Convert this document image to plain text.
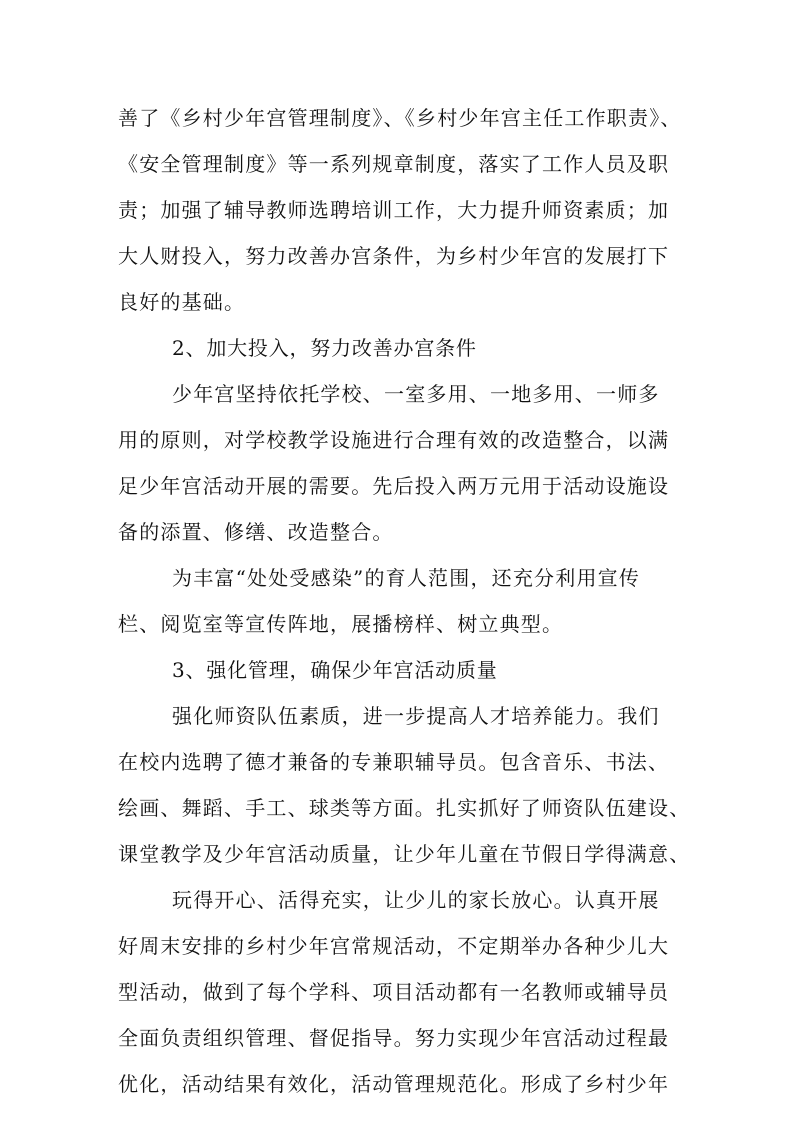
善了《乡村少年宫管理制度》、《乡村少年宫主任工作职责》、
《安全管理制度》等一系列规章制度，落实了工作人员及职
责；加强了辅导教师选聘培训工作，大力提升师资素质；加
大人财投入，努力改善办宫条件，为乡村少年宫的发展打下
良好的基础。
2、加大投入，努力改善办宫条件
少年宫坚持依托学校、一室多用、一地多用、一师多
用的原则，对学校教学设施进行合理有效的改造整合，以满
足少年宫活动开展的需要。先后投入两万元用于活动设施设
备的添置、修缮、改造整合。
为丰富“处处受感染”的育人范围，还充分利用宣传
栏、阅览室等宣传阵地，展播榜样、树立典型。
3、强化管理，确保少年宫活动质量
强化师资队伍素质，进一步提高人才培养能力。我们
在校内选聘了德才兼备的专兼职辅导员。包含音乐、书法、
绘画、舞蹈、手工、球类等方面。扎实抓好了师资队伍建设、
课堂教学及少年宫活动质量，让少年儿童在节假日学得满意、
玩得开心、活得充实，让少儿的家长放心。认真开展
好周末安排的乡村少年宫常规活动，不定期举办各种少儿大
型活动，做到了每个学科、项目活动都有一名教师或辅导员
全面负责组织管理、督促指导。努力实现少年宫活动过程最
优化，活动结果有效化，活动管理规范化。形成了乡村少年
